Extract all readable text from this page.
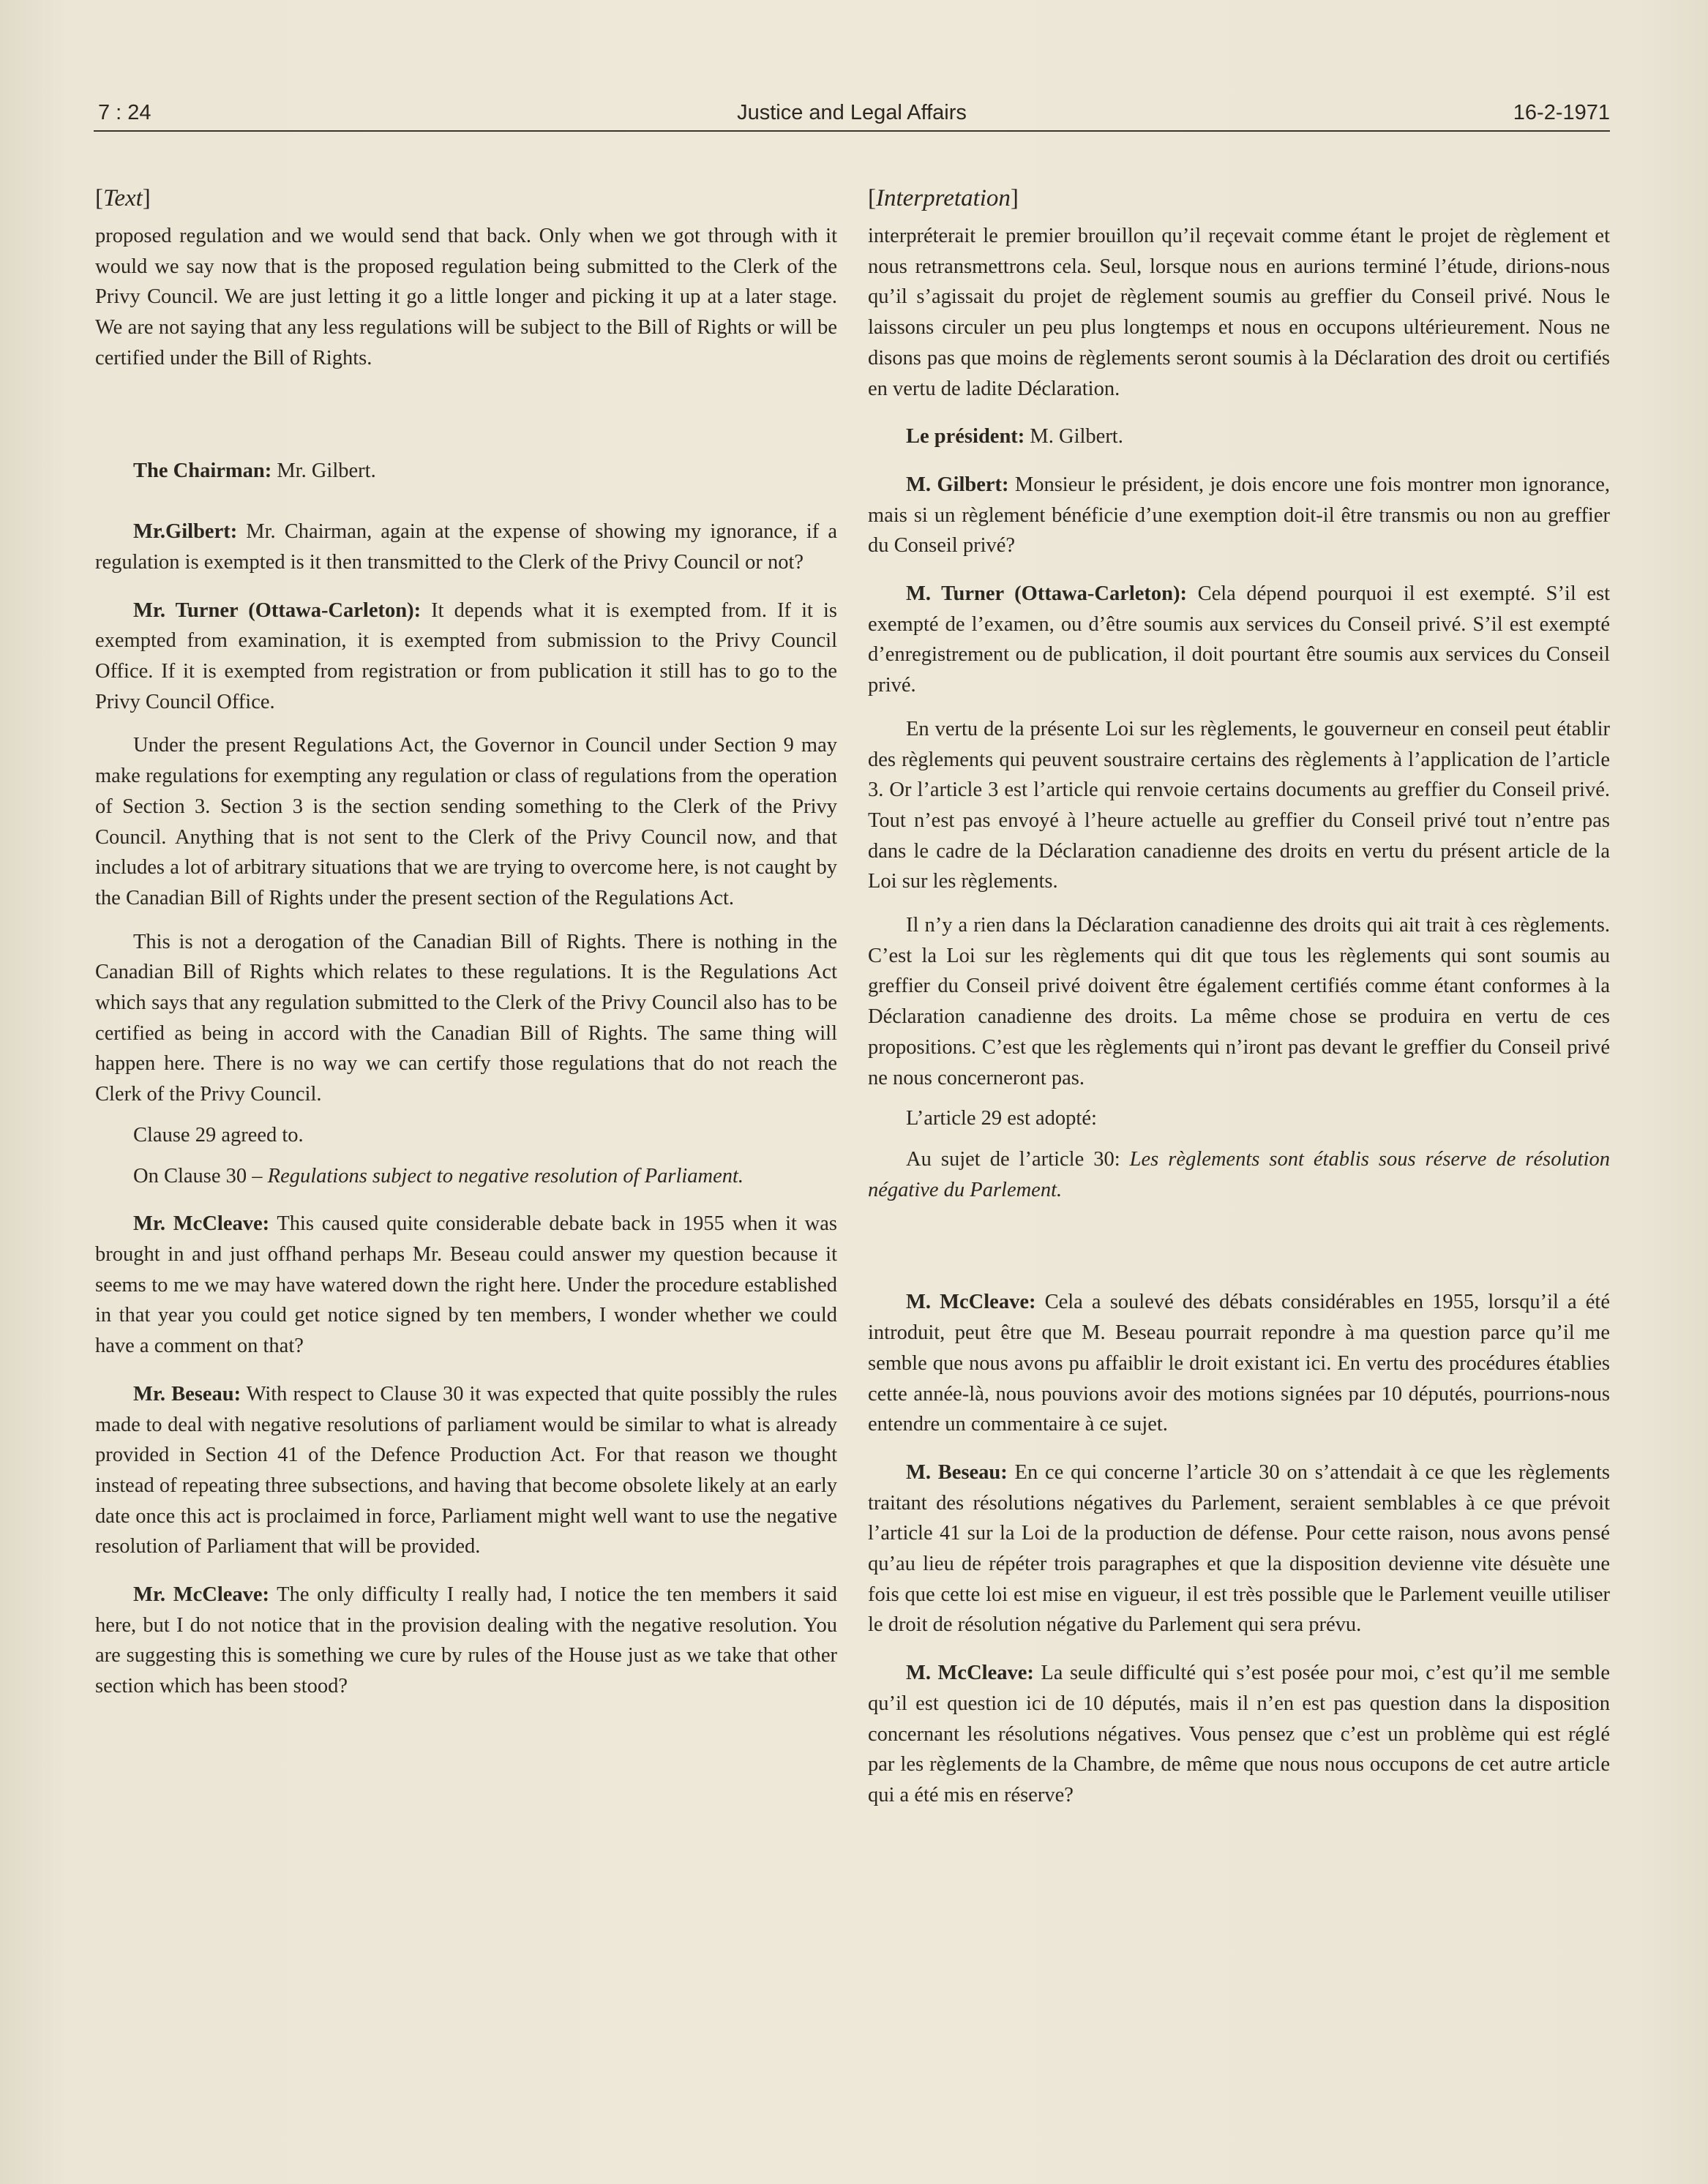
7 : 24	Justice and Legal Affairs	16-2-1971
[Text]

proposed regulation and we would send that back. Only when we got through with it would we say now that is the proposed regulation being submitted to the Clerk of the Privy Council. We are just letting it go a little longer and picking it up at a later stage. We are not saying that any less regulations will be subject to the Bill of Rights or will be certified under the Bill of Rights.

The Chairman: Mr. Gilbert.

Mr.Gilbert: Mr. Chairman, again at the expense of showing my ignorance, if a regulation is exempted is it then transmitted to the Clerk of the Privy Council or not?

Mr. Turner (Ottawa-Carleton): It depends what it is exempted from. If it is exempted from examination, it is exempted from submission to the Privy Council Office. If it is exempted from registration or from publication it still has to go to the Privy Council Office.

Under the present Regulations Act, the Governor in Council under Section 9 may make regulations for exempting any regulation or class of regulations from the operation of Section 3. Section 3 is the section sending something to the Clerk of the Privy Council. Anything that is not sent to the Clerk of the Privy Council now, and that includes a lot of arbitrary situations that we are trying to overcome here, is not caught by the Canadian Bill of Rights under the present section of the Regulations Act.

This is not a derogation of the Canadian Bill of Rights. There is nothing in the Canadian Bill of Rights which relates to these regulations. It is the Regulations Act which says that any regulation submitted to the Clerk of the Privy Council also has to be certified as being in accord with the Canadian Bill of Rights. The same thing will happen here. There is no way we can certify those regulations that do not reach the Clerk of the Privy Council.

Clause 29 agreed to.

On Clause 30 – Regulations subject to negative resolution of Parliament.

Mr. McCleave: This caused quite considerable debate back in 1955 when it was brought in and just offhand perhaps Mr. Beseau could answer my question because it seems to me we may have watered down the right here. Under the procedure established in that year you could get notice signed by ten members, I wonder whether we could have a comment on that?

Mr. Beseau: With respect to Clause 30 it was expected that quite possibly the rules made to deal with negative resolutions of parliament would be similar to what is already provided in Section 41 of the Defence Production Act. For that reason we thought instead of repeating three subsections, and having that become obsolete likely at an early date once this act is proclaimed in force, Parliament might well want to use the negative resolution of Parliament that will be provided.

Mr. McCleave: The only difficulty I really had, I notice the ten members it said here, but I do not notice that in the provision dealing with the negative resolution. You are suggesting this is something we cure by rules of the House just as we take that other section which has been stood?

[Interpretation]

interpréterait le premier brouillon qu’il reçevait comme étant le projet de règlement et nous retransmettrons cela. Seul, lorsque nous en aurions terminé l’étude, dirions-nous qu’il s’agissait du projet de règlement soumis au greffier du Conseil privé. Nous le laissons circuler un peu plus longtemps et nous en occupons ultérieurement. Nous ne disons pas que moins de règlements seront soumis à la Déclaration des droit ou certifiés en vertu de ladite Déclaration.

Le président: M. Gilbert.

M. Gilbert: Monsieur le président, je dois encore une fois montrer mon ignorance, mais si un règlement bénéficie d’une exemption doit-il être transmis ou non au greffier du Conseil privé?

M. Turner (Ottawa-Carleton): Cela dépend pourquoi il est exempté. S’il est exempté de l’examen, ou d’être soumis aux services du Conseil privé. S’il est exempté d’enregistrement ou de publication, il doit pourtant être soumis aux services du Conseil privé.

En vertu de la présente Loi sur les règlements, le gouverneur en conseil peut établir des règlements qui peuvent soustraire certains des règlements à l’application de l’article 3. Or l’article 3 est l’article qui renvoie certains documents au greffier du Conseil privé. Tout n’est pas envoyé à l’heure actuelle au greffier du Conseil privé tout n’entre pas dans le cadre de la Déclaration canadienne des droits en vertu du présent article de la Loi sur les règlements.

Il n’y a rien dans la Déclaration canadienne des droits qui ait trait à ces règlements. C’est la Loi sur les règlements qui dit que tous les règlements qui sont soumis au greffier du Conseil privé doivent être également certifiés comme étant conformes à la Déclaration canadienne des droits. La même chose se produira en vertu de ces propositions. C’est que les règlements qui n’iront pas devant le greffier du Conseil privé ne nous concerneront pas.

L’article 29 est adopté:

Au sujet de l’article 30: Les règlements sont établis sous réserve de résolution négative du Parlement.

M. McCleave: Cela a soulevé des débats considérables en 1955, lorsqu’il a été introduit, peut être que M. Beseau pourrait repondre à ma question parce qu’il me semble que nous avons pu affaiblir le droit existant ici. En vertu des procédures établies cette année-là, nous pouvions avoir des motions signées par 10 députés, pourrions-nous entendre un commentaire à ce sujet.

M. Beseau: En ce qui concerne l’article 30 on s’attendait à ce que les règlements traitant des résolutions négatives du Parlement, seraient semblables à ce que prévoit l’article 41 sur la Loi de la production de défense. Pour cette raison, nous avons pensé qu’au lieu de répéter trois paragraphes et que la disposition devienne vite désuète une fois que cette loi est mise en vigueur, il est très possible que le Parlement veuille utiliser le droit de résolution négative du Parlement qui sera prévu.

M. McCleave: La seule difficulté qui s’est posée pour moi, c’est qu’il me semble qu’il est question ici de 10 députés, mais il n’en est pas question dans la disposition concernant les résolutions négatives. Vous pensez que c’est un problème qui est réglé par les règlements de la Chambre, de même que nous nous occupons de cet autre article qui a été mis en réserve?
